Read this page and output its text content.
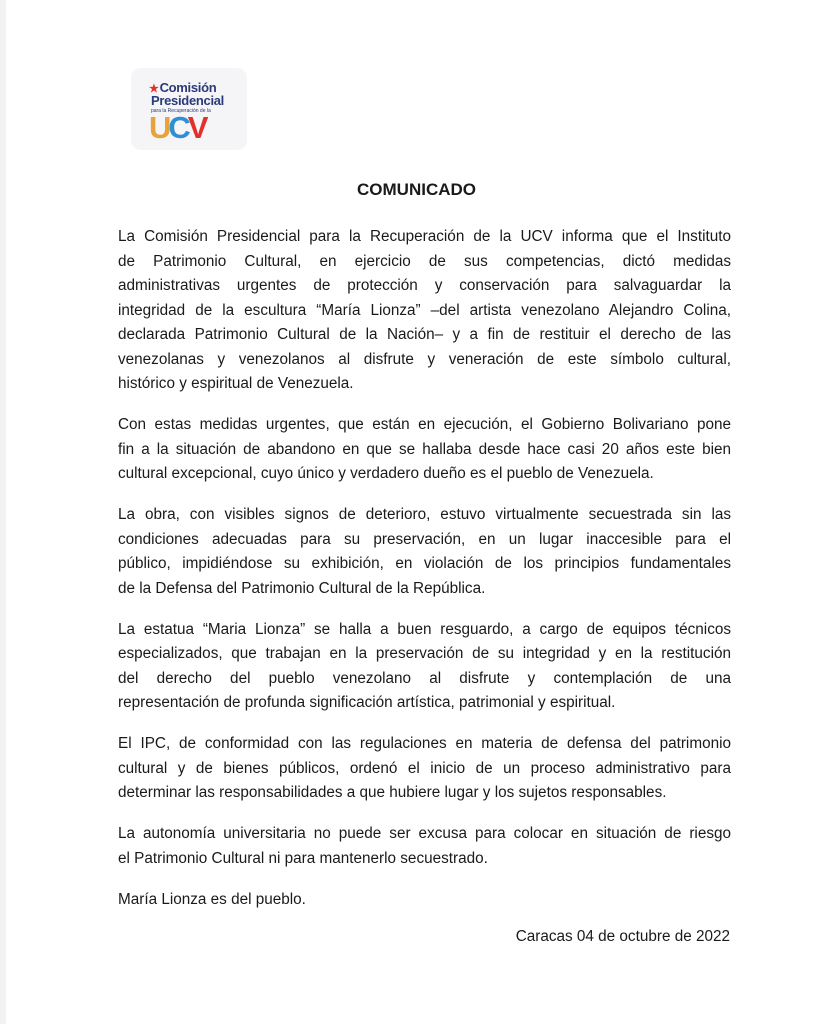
★Comisión
Presidencial
para la Recuperación de la
UCV
COMUNICADO
La Comisión Presidencial para la Recuperación de la UCV informa que el Instituto
de Patrimonio Cultural, en ejercicio de sus competencias, dictó medidas
administrativas urgentes de protección y conservación para salvaguardar la
integridad de la escultura “María Lionza” –del artista venezolano Alejandro Colina,
declarada Patrimonio Cultural de la Nación– y a fin de restituir el derecho de las
venezolanas y venezolanos al disfrute y veneración de este símbolo cultural,
histórico y espiritual de Venezuela.
Con estas medidas urgentes, que están en ejecución, el Gobierno Bolivariano pone
fin a la situación de abandono en que se hallaba desde hace casi 20 años este bien
cultural excepcional, cuyo único y verdadero dueño es el pueblo de Venezuela.
La obra, con visibles signos de deterioro, estuvo virtualmente secuestrada sin las
condiciones adecuadas para su preservación, en un lugar inaccesible para el
público, impidiéndose su exhibición, en violación de los principios fundamentales
de la Defensa del Patrimonio Cultural de la República.
La estatua “Maria Lionza” se halla a buen resguardo, a cargo de equipos técnicos
especializados, que trabajan en la preservación de su integridad y en la restitución
del derecho del pueblo venezolano al disfrute y contemplación de una
representación de profunda significación artística, patrimonial y espiritual.
El IPC, de conformidad con las regulaciones en materia de defensa del patrimonio
cultural y de bienes públicos, ordenó el inicio de un proceso administrativo para
determinar las responsabilidades a que hubiere lugar y los sujetos responsables.
La autonomía universitaria no puede ser excusa para colocar en situación de riesgo
el Patrimonio Cultural ni para mantenerlo secuestrado.
María Lionza es del pueblo.
Caracas 04 de octubre de 2022
